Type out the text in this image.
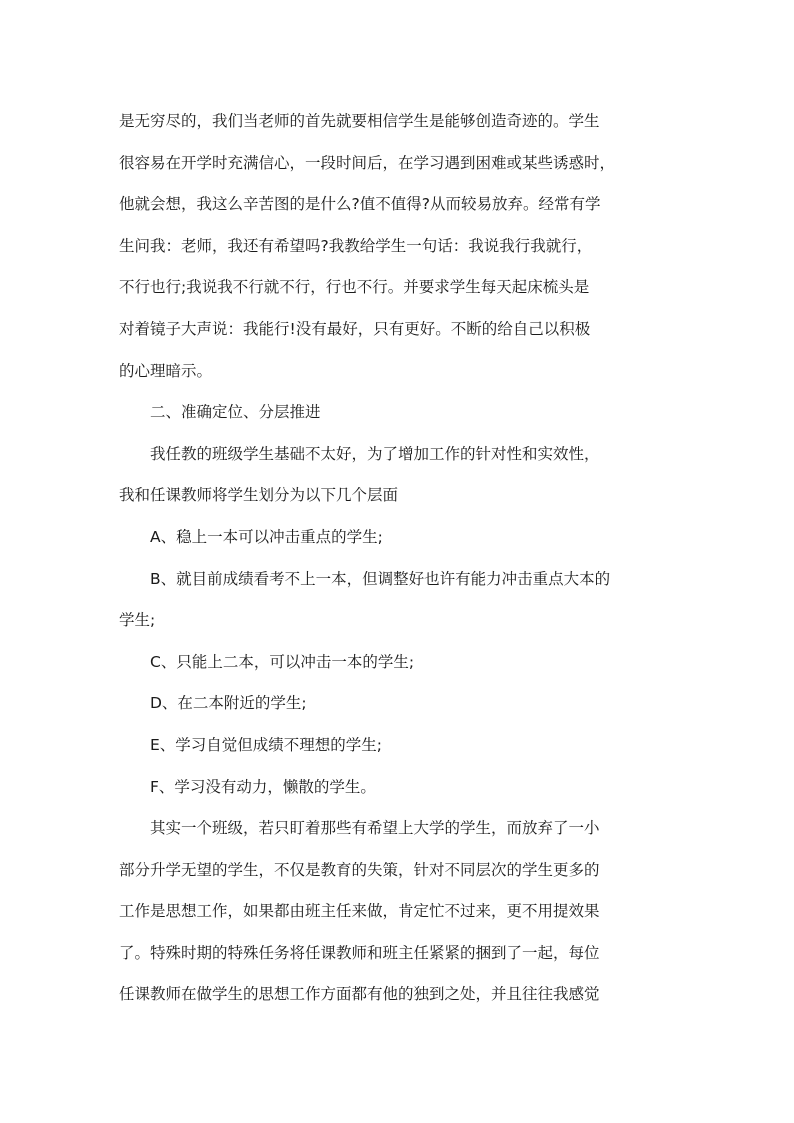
是无穷尽的，我们当老师的首先就要相信学生是能够创造奇迹的。学生
很容易在开学时充满信心，一段时间后，在学习遇到困难或某些诱惑时，
他就会想，我这么辛苦图的是什么?值不值得?从而较易放弃。经常有学
生问我：老师，我还有希望吗?我教给学生一句话：我说我行我就行，
不行也行;我说我不行就不行，行也不行。并要求学生每天起床梳头是
对着镜子大声说：我能行!没有最好，只有更好。不断的给自己以积极
的心理暗示。
二、准确定位、分层推进
我任教的班级学生基础不太好，为了增加工作的针对性和实效性，
我和任课教师将学生划分为以下几个层面
A、稳上一本可以冲击重点的学生;
B、就目前成绩看考不上一本，但调整好也许有能力冲击重点大本的
学生;
C、只能上二本，可以冲击一本的学生;
D、在二本附近的学生;
E、学习自觉但成绩不理想的学生;
F、学习没有动力，懒散的学生。
其实一个班级，若只盯着那些有希望上大学的学生，而放弃了一小
部分升学无望的学生，不仅是教育的失策，针对不同层次的学生更多的
工作是思想工作，如果都由班主任来做，肯定忙不过来，更不用提效果
了。特殊时期的特殊任务将任课教师和班主任紧紧的捆到了一起，每位
任课教师在做学生的思想工作方面都有他的独到之处，并且往往我感觉
